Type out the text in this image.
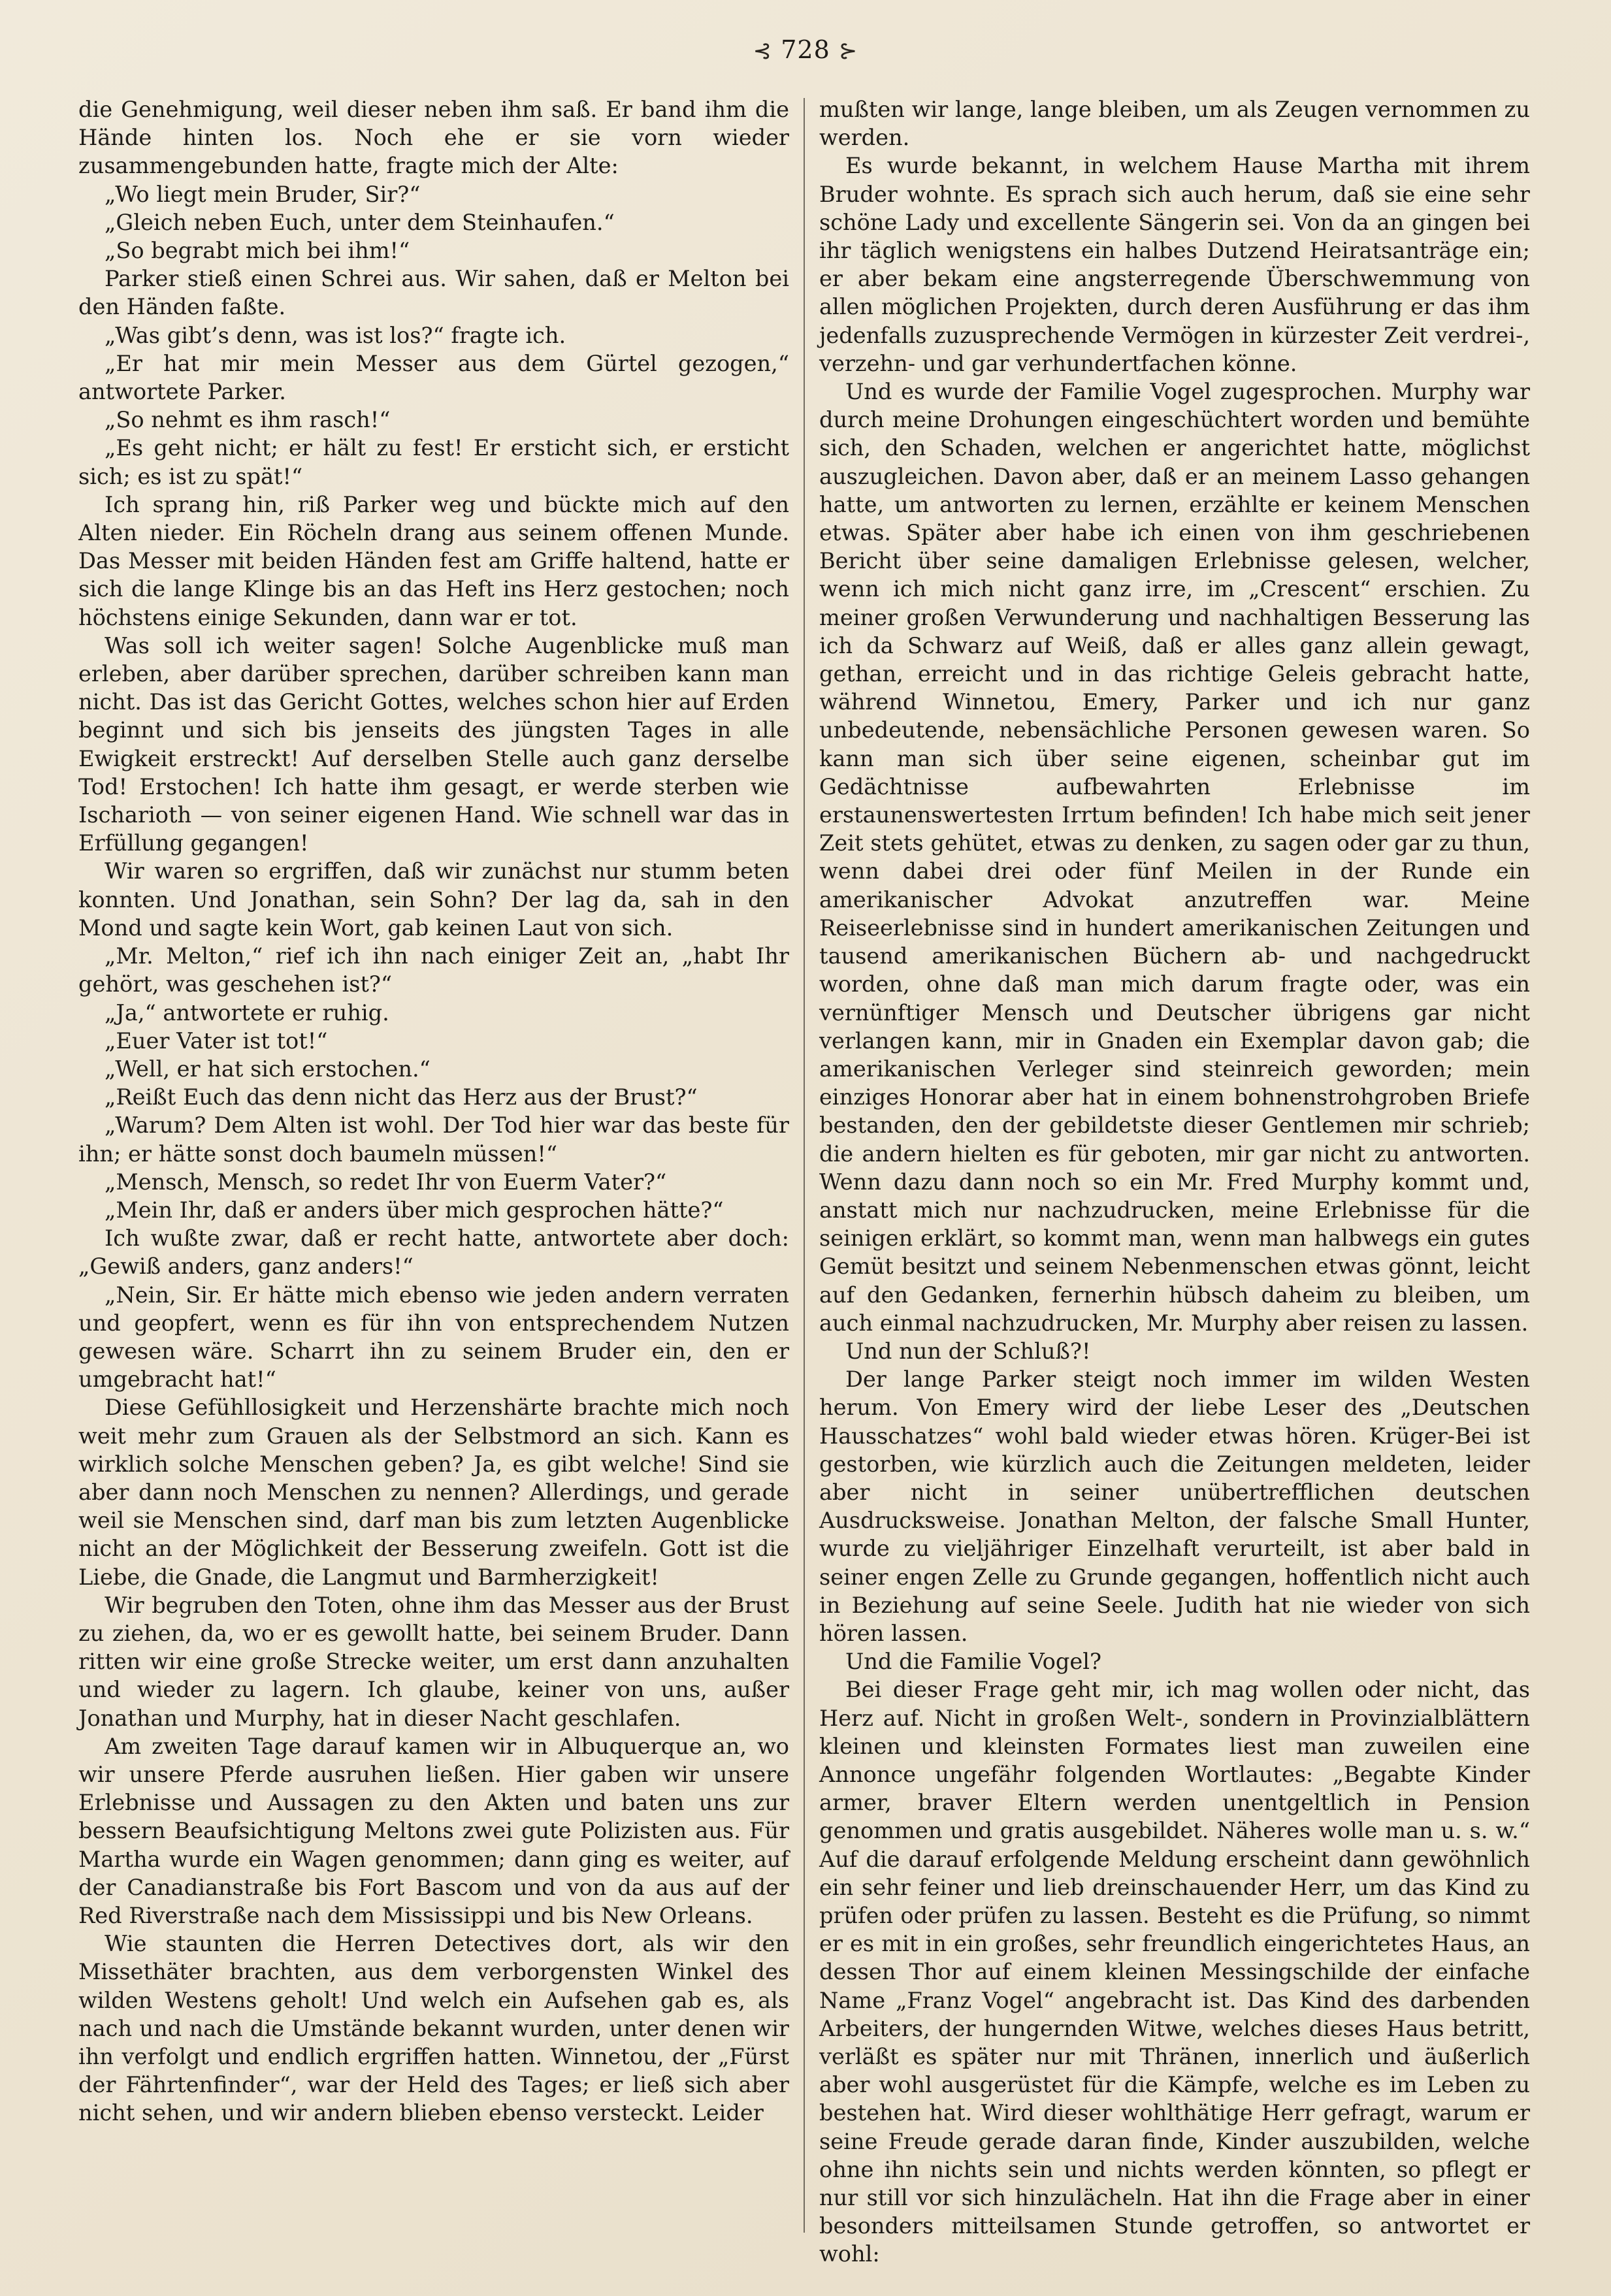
⊰ 728 ⊱

die Genehmigung, weil dieser neben ihm saß. Er band ihm die Hände hinten los. Noch ehe er sie vorn wieder zusammengebunden hatte, fragte mich der Alte:

„Wo liegt mein Bruder, Sir?“

„Gleich neben Euch, unter dem Steinhaufen.“

„So begrabt mich bei ihm!“

Parker stieß einen Schrei aus. Wir sahen, daß er Melton bei den Händen faßte.

„Was gibt’s denn, was ist los?“ fragte ich.

„Er hat mir mein Messer aus dem Gürtel gezogen,“ antwortete Parker.

„So nehmt es ihm rasch!“

„Es geht nicht; er hält zu fest! Er ersticht sich, er ersticht sich; es ist zu spät!“

Ich sprang hin, riß Parker weg und bückte mich auf den Alten nieder. Ein Röcheln drang aus seinem offenen Munde. Das Messer mit beiden Händen fest am Griffe haltend, hatte er sich die lange Klinge bis an das Heft ins Herz gestochen; noch höchstens einige Sekunden, dann war er tot.

Was soll ich weiter sagen! Solche Augenblicke muß man erleben, aber darüber sprechen, darüber schreiben kann man nicht. Das ist das Gericht Gottes, welches schon hier auf Erden beginnt und sich bis jenseits des jüngsten Tages in alle Ewigkeit erstreckt! Auf derselben Stelle auch ganz derselbe Tod! Erstochen! Ich hatte ihm gesagt, er werde sterben wie Ischarioth — von seiner eigenen Hand. Wie schnell war das in Erfüllung gegangen!

Wir waren so ergriffen, daß wir zunächst nur stumm beten konnten. Und Jonathan, sein Sohn? Der lag da, sah in den Mond und sagte kein Wort, gab keinen Laut von sich.

„Mr. Melton,“ rief ich ihn nach einiger Zeit an, „habt Ihr gehört, was geschehen ist?“

„Ja,“ antwortete er ruhig.

„Euer Vater ist tot!“

„Well, er hat sich erstochen.“

„Reißt Euch das denn nicht das Herz aus der Brust?“

„Warum? Dem Alten ist wohl. Der Tod hier war das beste für ihn; er hätte sonst doch baumeln müssen!“

„Mensch, Mensch, so redet Ihr von Euerm Vater?“

„Mein Ihr, daß er anders über mich gesprochen hätte?“

Ich wußte zwar, daß er recht hatte, antwortete aber doch: „Gewiß anders, ganz anders!“

„Nein, Sir. Er hätte mich ebenso wie jeden andern verraten und geopfert, wenn es für ihn von entsprechendem Nutzen gewesen wäre. Scharrt ihn zu seinem Bruder ein, den er umgebracht hat!“

Diese Gefühllosigkeit und Herzenshärte brachte mich noch weit mehr zum Grauen als der Selbstmord an sich. Kann es wirklich solche Menschen geben? Ja, es gibt welche! Sind sie aber dann noch Menschen zu nennen? Allerdings, und gerade weil sie Menschen sind, darf man bis zum letzten Augenblicke nicht an der Möglichkeit der Besserung zweifeln. Gott ist die Liebe, die Gnade, die Langmut und Barmherzigkeit!

Wir begruben den Toten, ohne ihm das Messer aus der Brust zu ziehen, da, wo er es gewollt hatte, bei seinem Bruder. Dann ritten wir eine große Strecke weiter, um erst dann anzuhalten und wieder zu lagern. Ich glaube, keiner von uns, außer Jonathan und Murphy, hat in dieser Nacht geschlafen.

Am zweiten Tage darauf kamen wir in Albuquerque an, wo wir unsere Pferde ausruhen ließen. Hier gaben wir unsere Erlebnisse und Aussagen zu den Akten und baten uns zur bessern Beaufsichtigung Meltons zwei gute Polizisten aus. Für Martha wurde ein Wagen genommen; dann ging es weiter, auf der Canadianstraße bis Fort Bascom und von da aus auf der Red Riverstraße nach dem Mississippi und bis New Orleans.

Wie staunten die Herren Detectives dort, als wir den Missethäter brachten, aus dem verborgensten Winkel des wilden Westens geholt! Und welch ein Aufsehen gab es, als nach und nach die Umstände bekannt wurden, unter denen wir ihn verfolgt und endlich ergriffen hatten. Winnetou, der „Fürst der Fährtenfinder“, war der Held des Tages; er ließ sich aber nicht sehen, und wir andern blieben ebenso versteckt. Leider

mußten wir lange, lange bleiben, um als Zeugen vernommen zu werden.

Es wurde bekannt, in welchem Hause Martha mit ihrem Bruder wohnte. Es sprach sich auch herum, daß sie eine sehr schöne Lady und excellente Sängerin sei. Von da an gingen bei ihr täglich wenigstens ein halbes Dutzend Heiratsanträge ein; er aber bekam eine angsterregende Überschwemmung von allen möglichen Projekten, durch deren Ausführung er das ihm jedenfalls zuzusprechende Vermögen in kürzester Zeit verdrei-, verzehn- und gar verhundertfachen könne.

Und es wurde der Familie Vogel zugesprochen. Murphy war durch meine Drohungen eingeschüchtert worden und bemühte sich, den Schaden, welchen er angerichtet hatte, möglichst auszugleichen. Davon aber, daß er an meinem Lasso gehangen hatte, um antworten zu lernen, erzählte er keinem Menschen etwas. Später aber habe ich einen von ihm geschriebenen Bericht über seine damaligen Erlebnisse gelesen, welcher, wenn ich mich nicht ganz irre, im „Crescent“ erschien. Zu meiner großen Verwunderung und nachhaltigen Besserung las ich da Schwarz auf Weiß, daß er alles ganz allein gewagt, gethan, erreicht und in das richtige Geleis gebracht hatte, während Winnetou, Emery, Parker und ich nur ganz unbedeutende, nebensächliche Personen gewesen waren. So kann man sich über seine eigenen, scheinbar gut im Gedächtnisse aufbewahrten Erlebnisse im erstaunenswertesten Irrtum befinden! Ich habe mich seit jener Zeit stets gehütet, etwas zu denken, zu sagen oder gar zu thun, wenn dabei drei oder fünf Meilen in der Runde ein amerikanischer Advokat anzutreffen war. Meine Reiseerlebnisse sind in hundert amerikanischen Zeitungen und tausend amerikanischen Büchern ab- und nachgedruckt worden, ohne daß man mich darum fragte oder, was ein vernünftiger Mensch und Deutscher übrigens gar nicht verlangen kann, mir in Gnaden ein Exemplar davon gab; die amerikanischen Verleger sind steinreich geworden; mein einziges Honorar aber hat in einem bohnenstrohgroben Briefe bestanden, den der gebildetste dieser Gentlemen mir schrieb; die andern hielten es für geboten, mir gar nicht zu antworten. Wenn dazu dann noch so ein Mr. Fred Murphy kommt und, anstatt mich nur nachzudrucken, meine Erlebnisse für die seinigen erklärt, so kommt man, wenn man halbwegs ein gutes Gemüt besitzt und seinem Nebenmenschen etwas gönnt, leicht auf den Gedanken, fernerhin hübsch daheim zu bleiben, um auch einmal nachzudrucken, Mr. Murphy aber reisen zu lassen.

Und nun der Schluß?!

Der lange Parker steigt noch immer im wilden Westen herum. Von Emery wird der liebe Leser des „Deutschen Hausschatzes“ wohl bald wieder etwas hören. Krüger-Bei ist gestorben, wie kürzlich auch die Zeitungen meldeten, leider aber nicht in seiner unübertrefflichen deutschen Ausdrucksweise. Jonathan Melton, der falsche Small Hunter, wurde zu vieljähriger Einzelhaft verurteilt, ist aber bald in seiner engen Zelle zu Grunde gegangen, hoffentlich nicht auch in Beziehung auf seine Seele. Judith hat nie wieder von sich hören lassen.

Und die Familie Vogel?

Bei dieser Frage geht mir, ich mag wollen oder nicht, das Herz auf. Nicht in großen Welt-, sondern in Provinzialblättern kleinen und kleinsten Formates liest man zuweilen eine Annonce ungefähr folgenden Wortlautes: „Begabte Kinder armer, braver Eltern werden unentgeltlich in Pension genommen und gratis ausgebildet. Näheres wolle man u. s. w.“ Auf die darauf erfolgende Meldung erscheint dann gewöhnlich ein sehr feiner und lieb dreinschauender Herr, um das Kind zu prüfen oder prüfen zu lassen. Besteht es die Prüfung, so nimmt er es mit in ein großes, sehr freundlich eingerichtetes Haus, an dessen Thor auf einem kleinen Messingschilde der einfache Name „Franz Vogel“ angebracht ist. Das Kind des darbenden Arbeiters, der hungernden Witwe, welches dieses Haus betritt, verläßt es später nur mit Thränen, innerlich und äußerlich aber wohl ausgerüstet für die Kämpfe, welche es im Leben zu bestehen hat. Wird dieser wohlthätige Herr gefragt, warum er seine Freude gerade daran finde, Kinder auszubilden, welche ohne ihn nichts sein und nichts werden könnten, so pflegt er nur still vor sich hinzulächeln. Hat ihn die Frage aber in einer besonders mitteilsamen Stunde getroffen, so antwortet er wohl:
